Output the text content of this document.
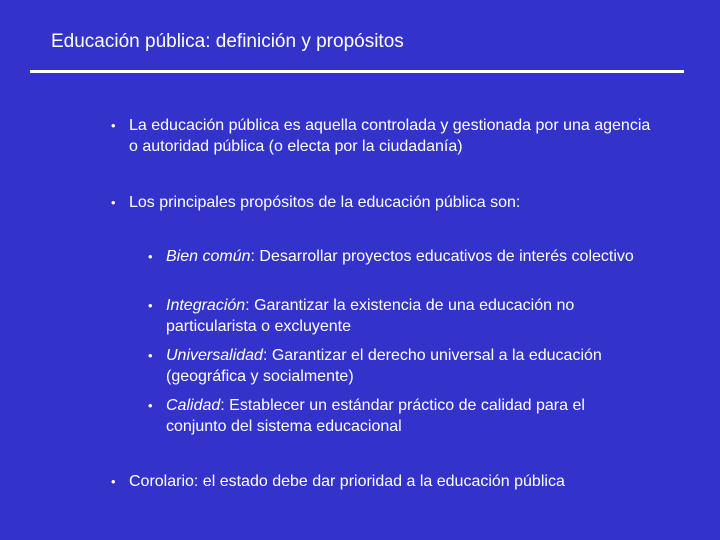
Educación pública: definición y propósitos
• La educación pública es aquella controlada y gestionada por una agencia o autoridad pública (o electa por la ciudadanía)
• Los principales propósitos de la educación pública son:
• Bien común: Desarrollar proyectos educativos de interés colectivo
• Integración: Garantizar la existencia de una educación no particularista o excluyente
• Universalidad: Garantizar el derecho universal a la educación (geográfica y socialmente)
• Calidad: Establecer un estándar práctico de calidad para el conjunto del sistema educacional
• Corolario: el estado debe dar prioridad a la educación pública
